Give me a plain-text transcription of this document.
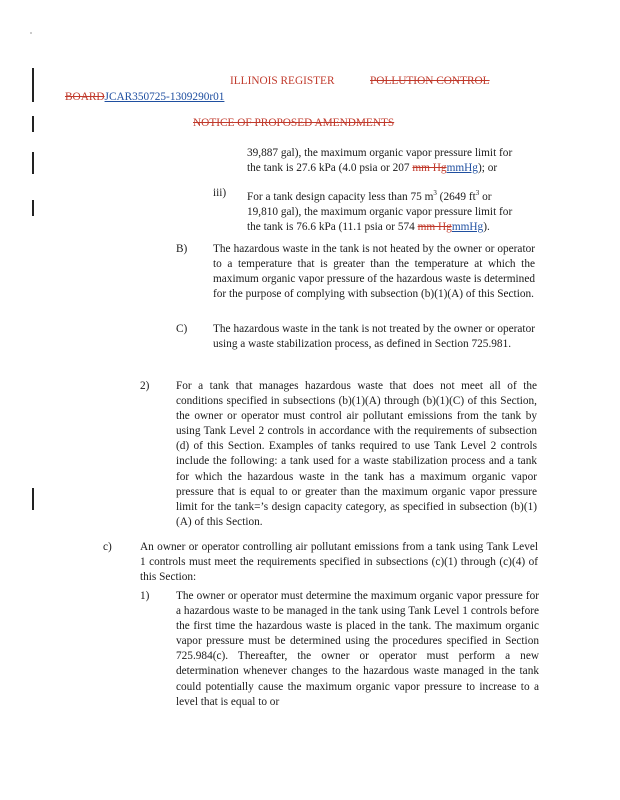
ILLINOIS REGISTER	POLLUTION CONTROL
BOARDJCAR350725-1309290r01
NOTICE OF PROPOSED AMENDMENTS

39,887 gal), the maximum organic vapor pressure limit for

the tank is 27.6 kPa (4.0 psia or 207 mm HgmmHg); or

iii) For a tank design capacity less than 75 $m^3$ (2649 $ft^3$ or

19,810 gal), the maximum organic vapor pressure limit for

the tank is 76.6 kPa (11.1 psia or 574 mm HgmmHg).

B) The hazardous waste in the tank is not heated by the owner or operator to a temperature that is greater than the temperature at which the maximum organic vapor pressure of the hazardous waste is determined for the purpose of complying with subsection (b)(1)(A) of this Section.

C) The hazardous waste in the tank is not treated by the owner or operator using a waste stabilization process, as defined in Section 725.981.

2) For a tank that manages hazardous waste that does not meet all of the conditions specified in subsections (b)(1)(A) through (b)(1)(C) of this Section, the owner or operator must control air pollutant emissions from the tank by using Tank Level 2 controls in accordance with the requirements of subsection (d) of this Section. Examples of tanks required to use Tank Level 2 controls include the following: a tank used for a waste stabilization process and a tank for which the hazardous waste in the tank has a maximum organic vapor pressure that is equal to or greater than the maximum organic vapor pressure limit for the tank=’s design capacity category, as specified in subsection (b)(1)(A) of this Section.

c) An owner or operator controlling air pollutant emissions from a tank using Tank Level 1 controls must meet the requirements specified in subsections (c)(1) through (c)(4) of this Section:

1) The owner or operator must determine the maximum organic vapor pressure for a hazardous waste to be managed in the tank using Tank Level 1 controls before the first time the hazardous waste is placed in the tank. The maximum organic vapor pressure must be determined using the procedures specified in Section 725.984(c). Thereafter, the owner or operator must perform a new determination whenever changes to the hazardous waste managed in the tank could potentially cause the maximum organic vapor pressure to increase to a level that is equal to or
